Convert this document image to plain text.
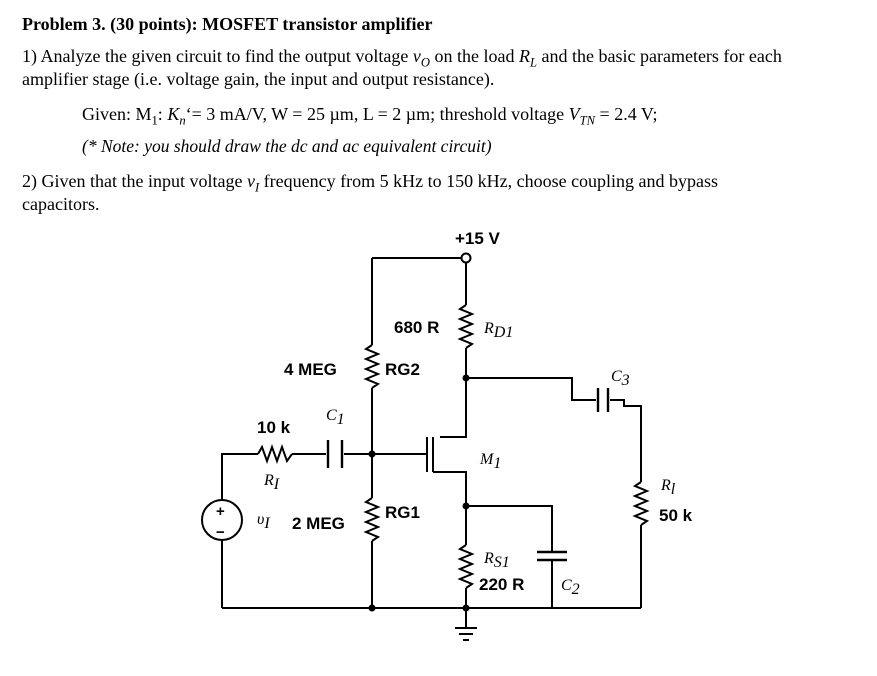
Problem 3. (30 points): MOSFET transistor amplifier
1) Analyze the given circuit to find the output voltage $v_O$ on the load $R_L$ and the basic parameters for each
amplifier stage (i.e. voltage gain, the input and output resistance).
Given: $M_1$: $K_n‘= 3$ mA/V, W = 25 µm, L = 2 µm; threshold voltage $V_{TN} = 2.4$ V;
(* Note: you should draw the dc and ac equivalent circuit)
2) Given that the input voltage $v_I$ frequency from 5 kHz to 150 kHz, choose coupling and bypass
capacitors.
+15 V
680 R	RD1
4 MEG	RG2
10 k
C1
RI
M1
C3
Rl
50 k
2 MEG
RG1
υI
RS1
220 R C2
+
−
